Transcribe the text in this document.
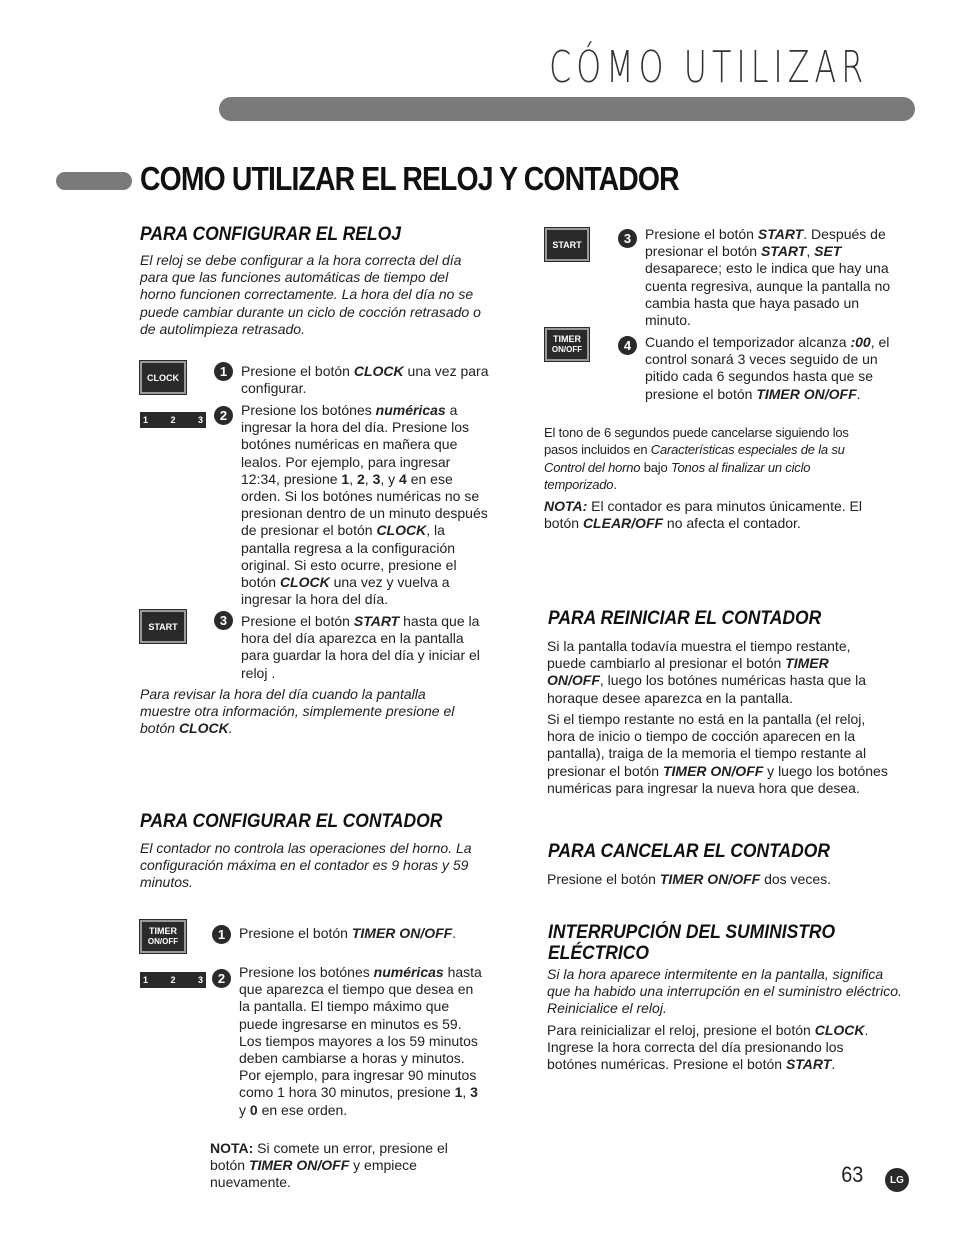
CÓMO UTILIZAR
COMO UTILIZAR EL RELOJ Y CONTADOR
PARA CONFIGURAR EL RELOJ

El reloj se debe configurar a la hora correcta del día para que las funciones automáticas de tiempo del horno funcionen correctamente. La hora del día no se puede cambiar durante un ciclo de cocción retrasado o de autolimpieza retrasado.

CLOCK	1 Presione el botón CLOCK una vez para configurar.

1 2 3	2 Presione los botónes numéricas a ingresar la hora del día. Presione los botónes numéricas en mañera que lealos. Por ejemplo, para ingresar 12:34, presione 1, 2, 3, y 4 en ese orden. Si los botónes numéricas no se presionan dentro de un minuto después de presionar el botón CLOCK, la pantalla regresa a la configuración original. Si esto ocurre, presione el botón CLOCK una vez y vuelva a ingresar la hora del día.

START	3 Presione el botón START hasta que la hora del día aparezca en la pantalla para guardar la hora del día y iniciar el reloj .

Para revisar la hora del día cuando la pantalla muestre otra información, simplemente presione el botón CLOCK.

PARA CONFIGURAR EL CONTADOR

El contador no controla las operaciones del horno. La configuración máxima en el contador es 9 horas y 59 minutos.

TIMER
ON/OFF	1 Presione el botón TIMER ON/OFF.

1 2 3	2 Presione los botónes numéricas hasta que aparezca el tiempo que desea en la pantalla. El tiempo máximo que puede ingresarse en minutos es 59. Los tiempos mayores a los 59 minutos deben cambiarse a horas y minutos. Por ejemplo, para ingresar 90 minutos como 1 hora 30 minutos, presione 1, 3 y 0 en ese orden.

NOTA: Si comete un error, presione el botón TIMER ON/OFF y empiece nuevamente.

START	3 Presione el botón START. Después de presionar el botón START, SET desaparece; esto le indica que hay una cuenta regresiva, aunque la pantalla no cambia hasta que haya pasado un minuto.

TIMER
ON/OFF	4 Cuando el temporizador alcanza :00, el control sonará 3 veces seguido de un pitido cada 6 segundos hasta que se presione el botón TIMER ON/OFF.

El tono de 6 segundos puede cancelarse siguiendo los pasos incluidos en Características especiales de la su Control del horno bajo Tonos al finalizar un ciclo temporizado.

NOTA: El contador es para minutos únicamente. El botón CLEAR/OFF no afecta el contador.

PARA REINICIAR EL CONTADOR

Si la pantalla todavía muestra el tiempo restante, puede cambiarlo al presionar el botón TIMER ON/OFF, luego los botónes numéricas hasta que la horaque desee aparezca en la pantalla.

Si el tiempo restante no está en la pantalla (el reloj, hora de inicio o tiempo de cocción aparecen en la pantalla), traiga de la memoria el tiempo restante al presionar el botón TIMER ON/OFF y luego los botónes numéricas para ingresar la nueva hora que desea.

PARA CANCELAR EL CONTADOR

Presione el botón TIMER ON/OFF dos veces.

INTERRUPCIÓN DEL SUMINISTRO
ELÉCTRICO

Si la hora aparece intermitente en la pantalla, significa que ha habido una interrupción en el suministro eléctrico. Reinicialice el reloj.

Para reinicializar el reloj, presione el botón CLOCK. Ingrese la hora correcta del día presionando los botónes numéricas. Presione el botón START.

63	LG
